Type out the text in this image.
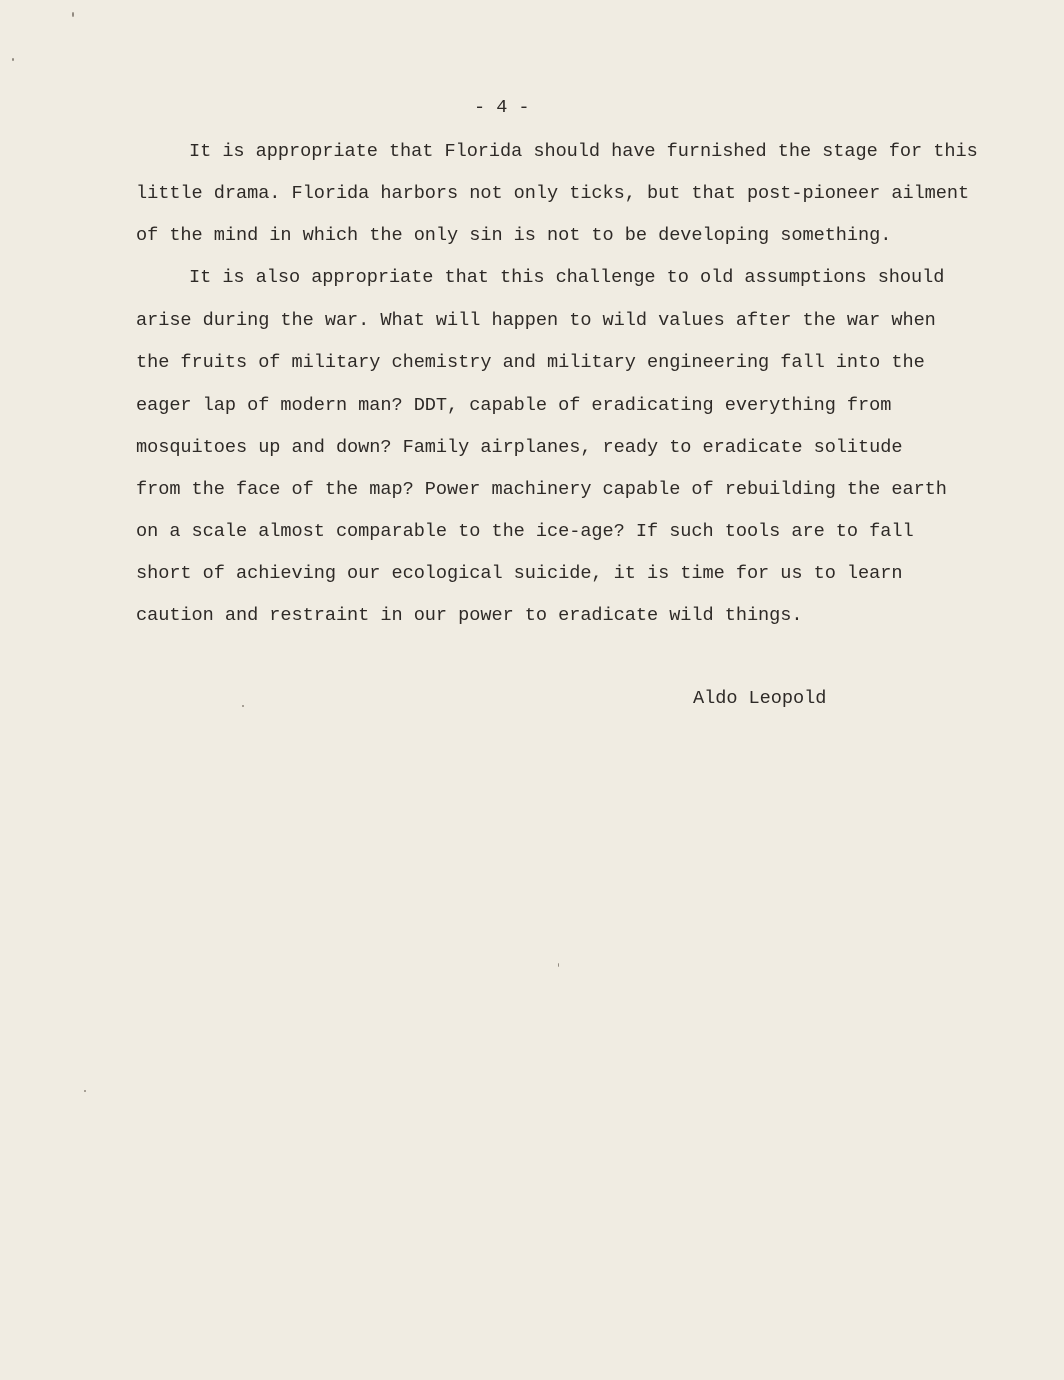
- 4 -
It is appropriate that Florida should have furnished the stage for this
little drama. Florida harbors not only ticks, but that post-pioneer ailment
of the mind in which the only sin is not to be developing something.
It is also appropriate that this challenge to old assumptions should
arise during the war. What will happen to wild values after the war when
the fruits of military chemistry and military engineering fall into the
eager lap of modern man? DDT, capable of eradicating everything from
mosquitoes up and down? Family airplanes, ready to eradicate solitude
from the face of the map? Power machinery capable of rebuilding the earth
on a scale almost comparable to the ice-age? If such tools are to fall
short of achieving our ecological suicide, it is time for us to learn
caution and restraint in our power to eradicate wild things.
Aldo Leopold
